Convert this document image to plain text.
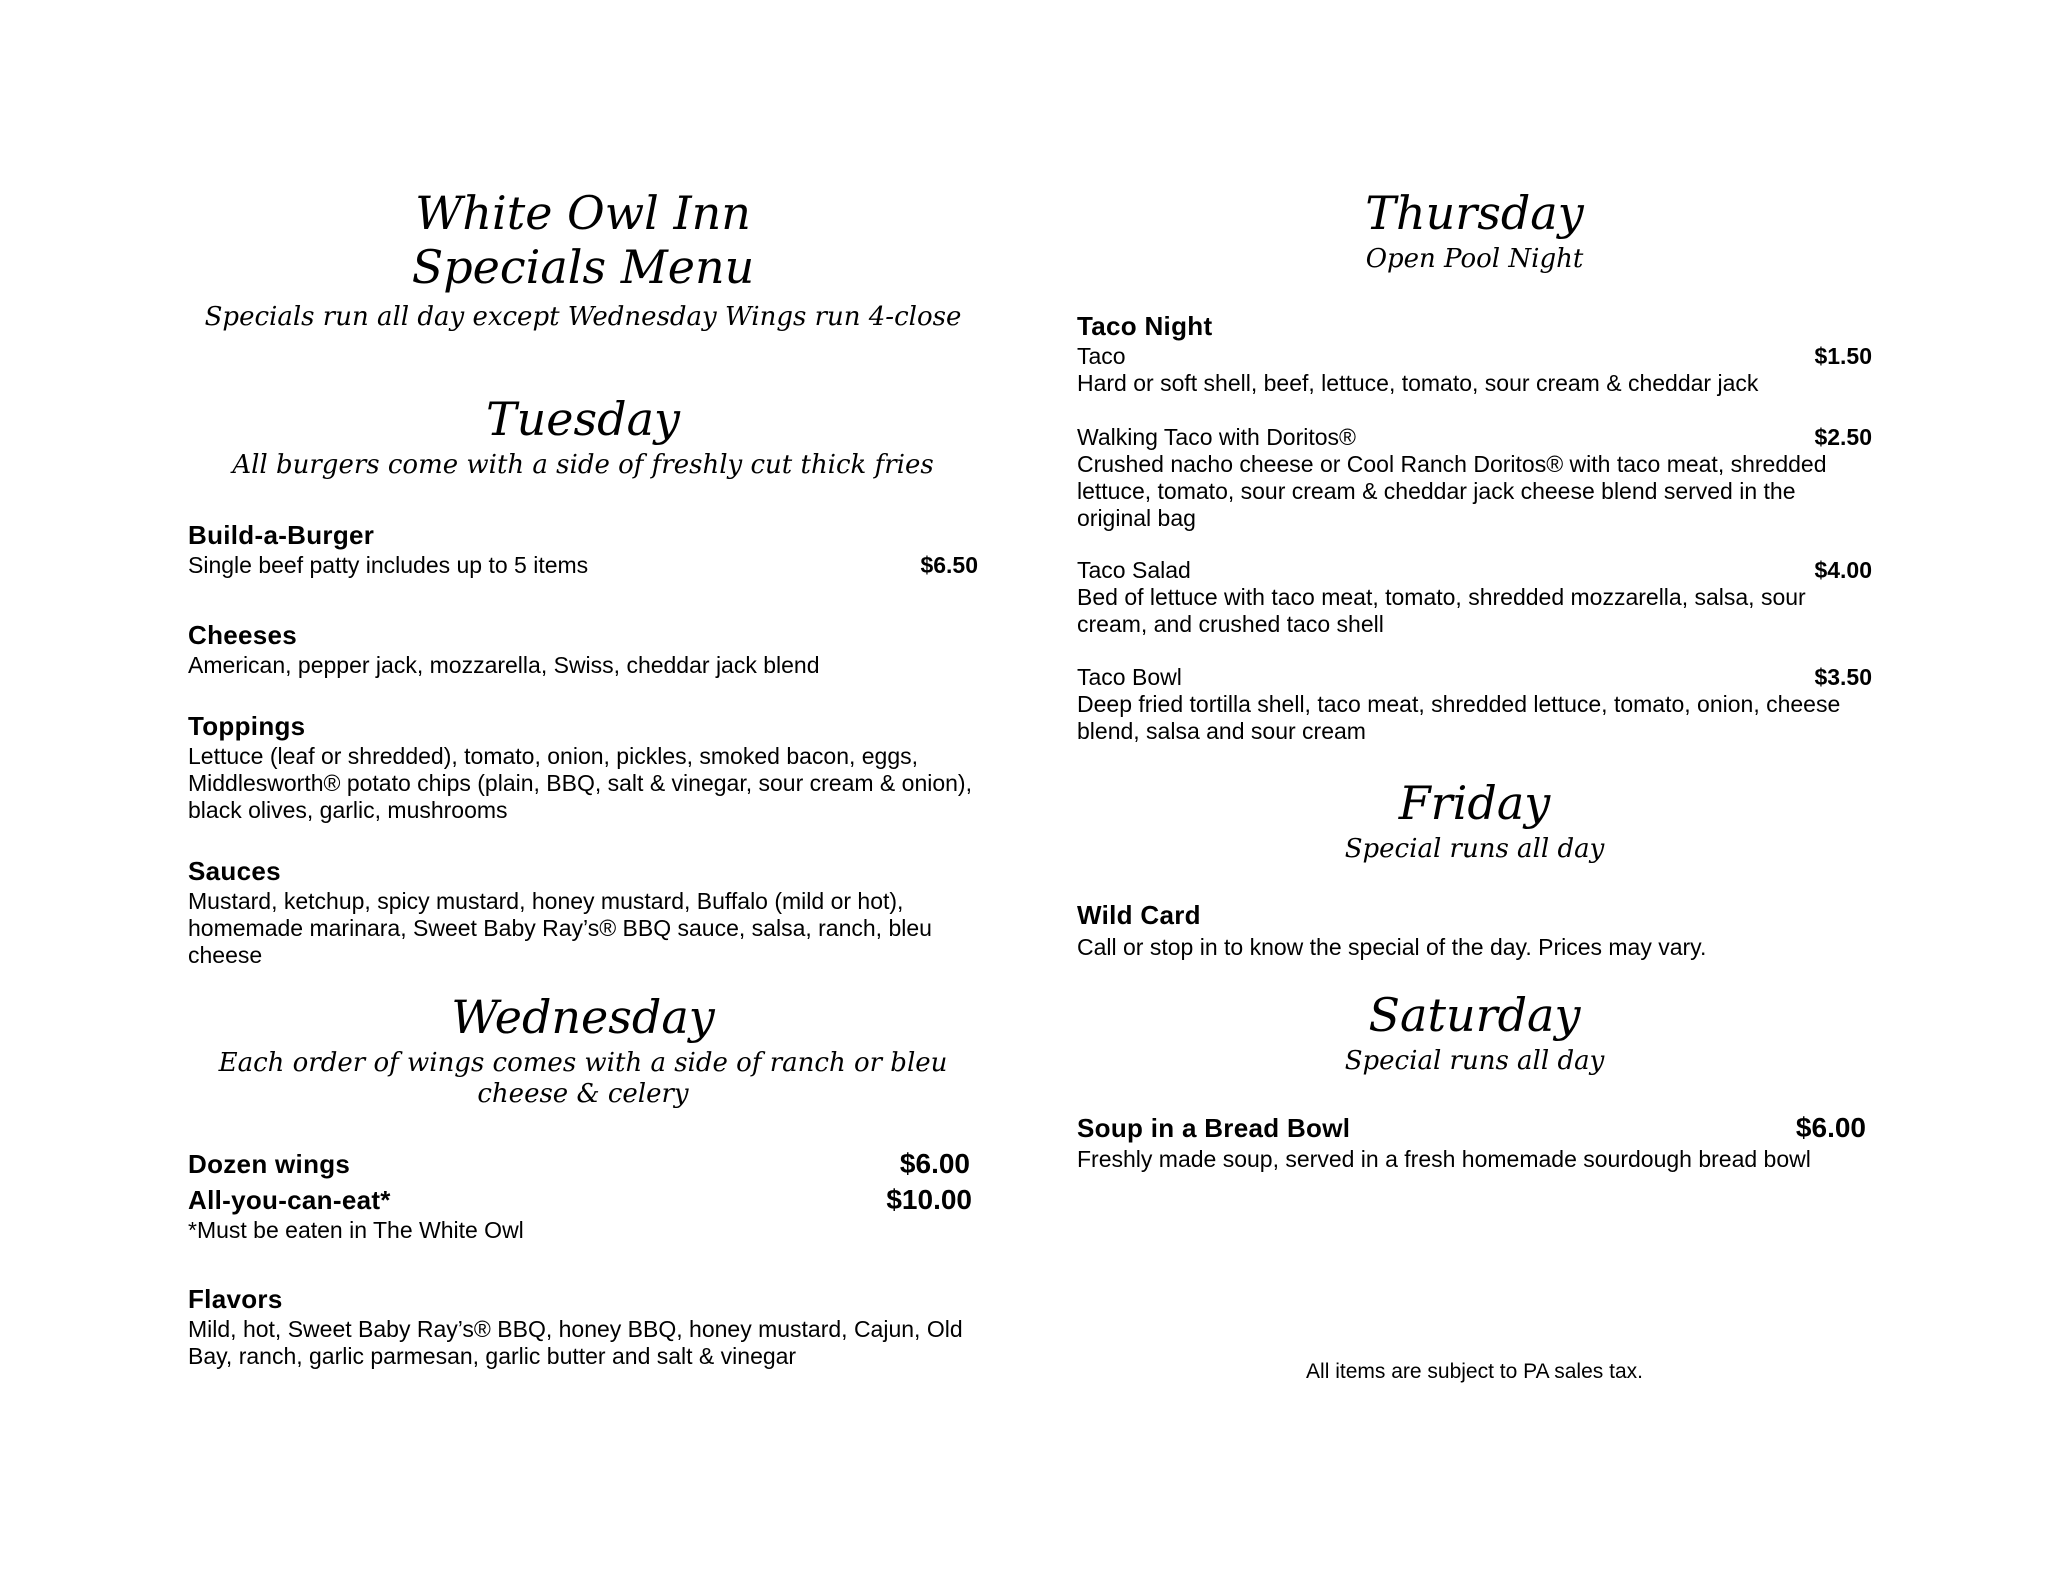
White Owl Inn
Specials Menu
Specials run all day except Wednesday Wings run 4-close
Tuesday
All burgers come with a side of freshly cut thick fries
Build-a-Burger
Single beef patty includes up to 5 items	$6.50
Cheeses
American, pepper jack, mozzarella, Swiss, cheddar jack blend
Toppings
Lettuce (leaf or shredded), tomato, onion, pickles, smoked bacon, eggs, Middlesworth® potato chips (plain, BBQ, salt & vinegar, sour cream & onion), black olives, garlic, mushrooms
Sauces
Mustard, ketchup, spicy mustard, honey mustard, Buffalo (mild or hot), homemade marinara, Sweet Baby Ray’s® BBQ sauce, salsa, ranch, bleu cheese
Wednesday
Each order of wings comes with a side of ranch or bleu
cheese & celery
Dozen wings	$6.00
All-you-can-eat*	$10.00
*Must be eaten in The White Owl
Flavors
Mild, hot, Sweet Baby Ray’s® BBQ, honey BBQ, honey mustard, Cajun, Old Bay, ranch, garlic parmesan, garlic butter and salt & vinegar
Thursday
Open Pool Night
Taco Night
Taco	$1.50
Hard or soft shell, beef, lettuce, tomato, sour cream & cheddar jack
Walking Taco with Doritos®	$2.50
Crushed nacho cheese or Cool Ranch Doritos® with taco meat, shredded lettuce, tomato, sour cream & cheddar jack cheese blend served in the original bag
Taco Salad	$4.00
Bed of lettuce with taco meat, tomato, shredded mozzarella, salsa, sour cream, and crushed taco shell
Taco Bowl	$3.50
Deep fried tortilla shell, taco meat, shredded lettuce, tomato, onion, cheese blend, salsa and sour cream
Friday
Special runs all day
Wild Card
Call or stop in to know the special of the day. Prices may vary.
Saturday
Special runs all day
Soup in a Bread Bowl	$6.00
Freshly made soup, served in a fresh homemade sourdough bread bowl
All items are subject to PA sales tax.
